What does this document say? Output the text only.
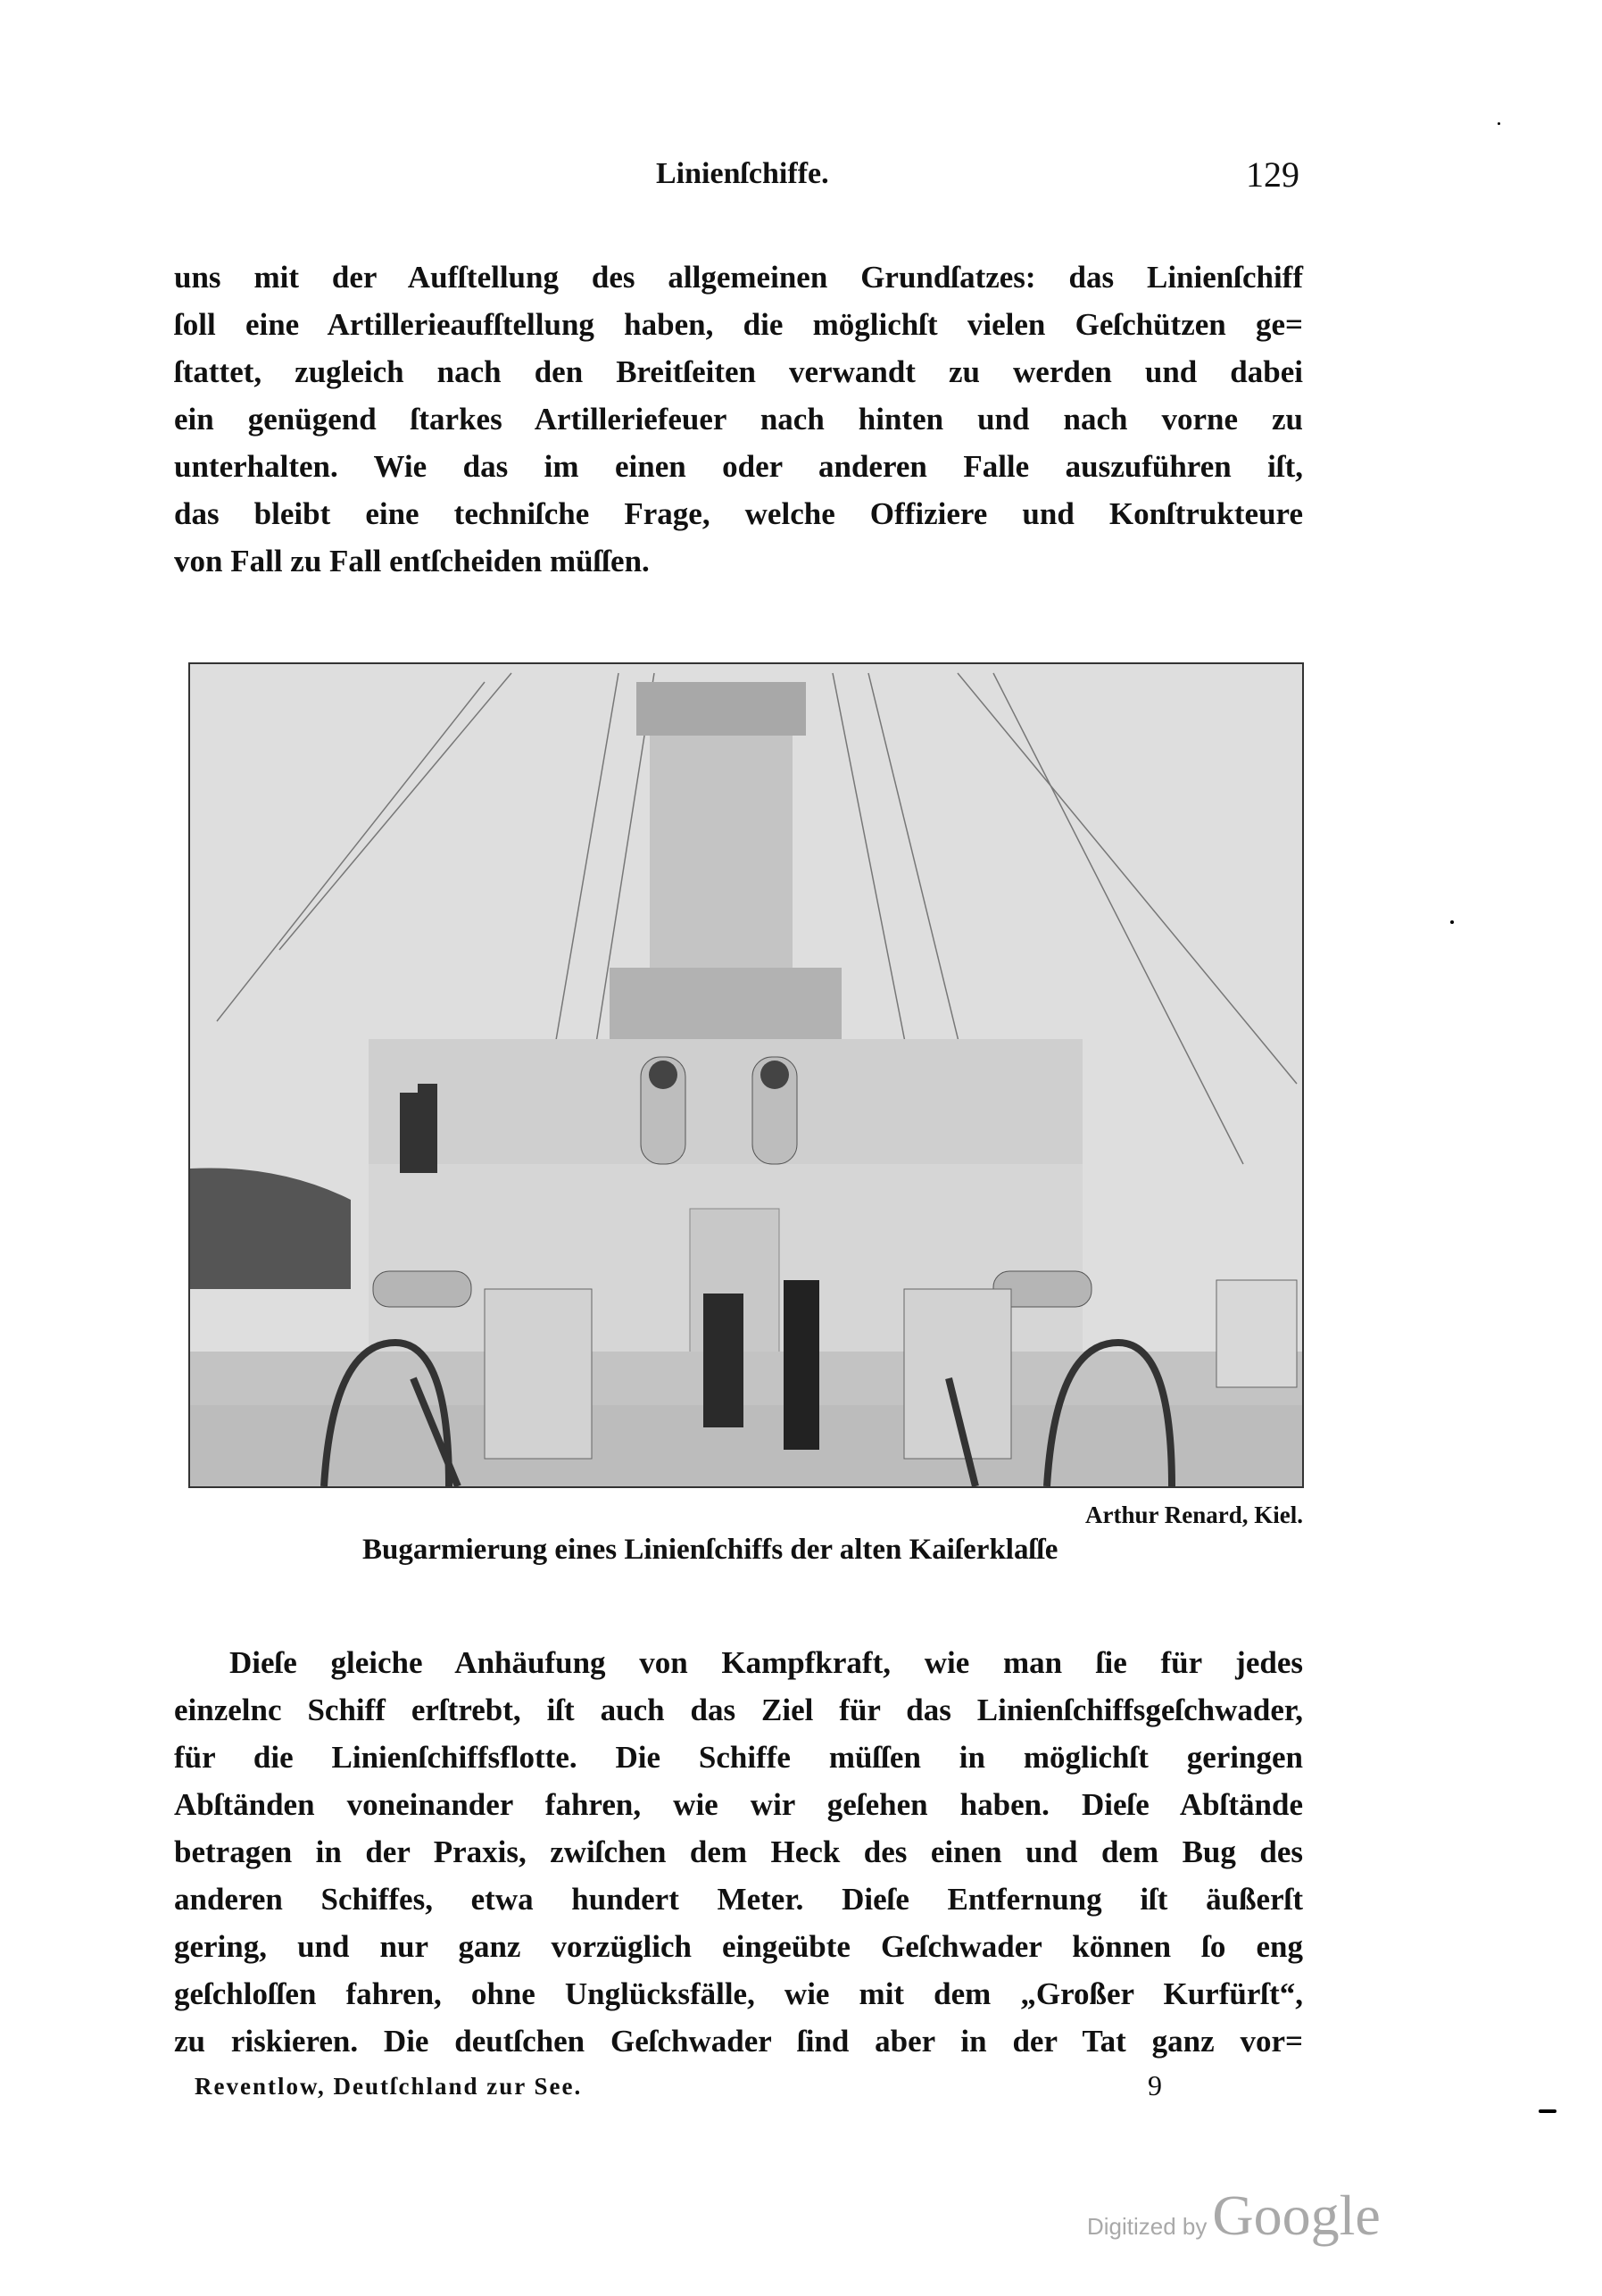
Linienſchiffe.	129
uns mit der Aufſtellung des allgemeinen Grundſatzes: das Linienſchiff
ſoll eine Artillerieaufſtellung haben, die möglichſt vielen Geſchützen ge=
ſtattet, zugleich nach den Breitſeiten verwandt zu werden und dabei
ein genügend ſtarkes Artilleriefeuer nach hinten und nach vorne zu
unterhalten. Wie das im einen oder anderen Falle auszuführen iſt,
das bleibt eine techniſche Frage, welche Offiziere und Konſtrukteure
von Fall zu Fall entſcheiden müſſen.
Arthur Renard, Kiel.
Bugarmierung eines Linienſchiffs der alten Kaiſerklaſſe
Dieſe gleiche Anhäufung von Kampfkraft, wie man ſie für jedes
einzelnc Schiff erſtrebt, iſt auch das Ziel für das Linienſchiffsgeſchwader,
für die Linienſchiffsflotte. Die Schiffe müſſen in möglichſt geringen
Abſtänden voneinander fahren, wie wir geſehen haben. Dieſe Abſtände
betragen in der Praxis, zwiſchen dem Heck des einen und dem Bug des
anderen Schiffes, etwa hundert Meter. Dieſe Entfernung iſt äußerſt
gering, und nur ganz vorzüglich eingeübte Geſchwader können ſo eng
geſchloſſen fahren, ohne Unglücksfälle, wie mit dem „Großer Kurfürſt“,
zu riskieren. Die deutſchen Geſchwader ſind aber in der Tat ganz vor=
Reventlow, Deutſchland zur See.	9
Digitized byGoogle
